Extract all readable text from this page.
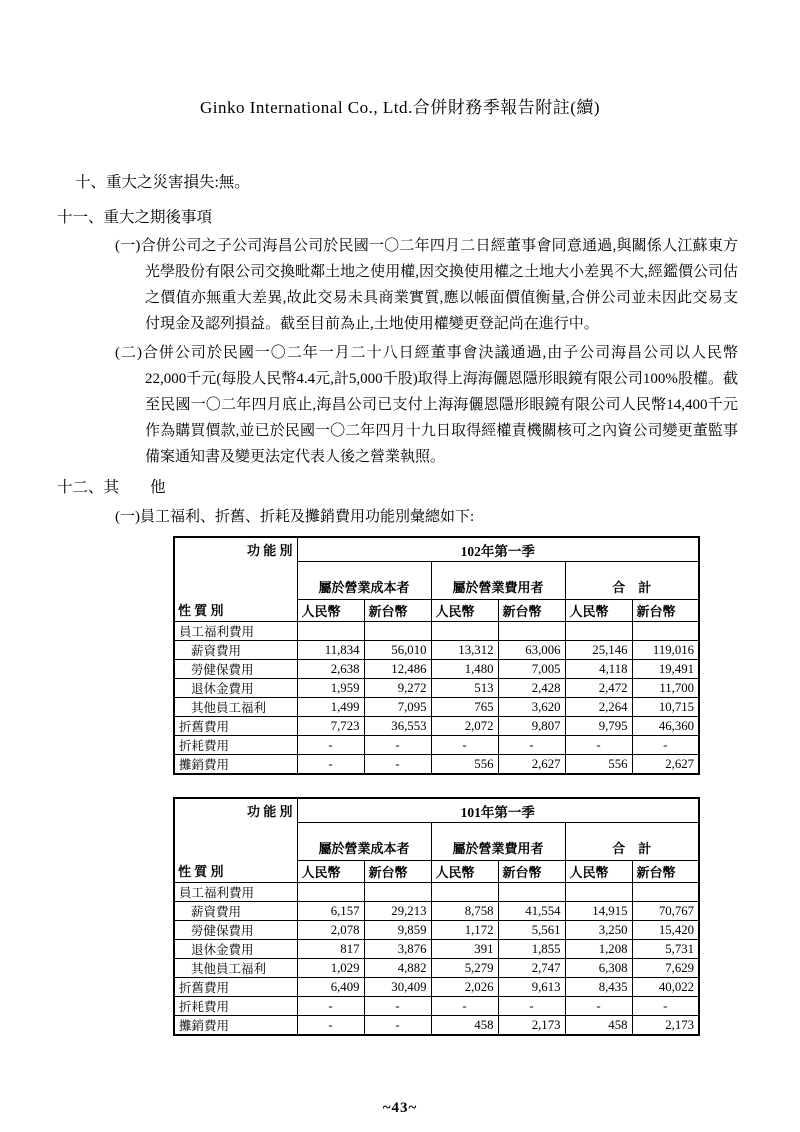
Ginko International Co., Ltd.合併財務季報告附註(續)
十、重大之災害損失:無。
十一、重大之期後事項

(一)合併公司之子公司海昌公司於民國一〇二年四月二日經董事會同意通過,與關係人江蘇東方光學股份有限公司交換毗鄰土地之使用權,因交換使用權之土地大小差異不大,經鑑價公司估之價值亦無重大差異,故此交易未具商業實質,應以帳面價值衡量,合併公司並未因此交易支付現金及認列損益。截至目前為止,土地使用權變更登記尚在進行中。

(二)合併公司於民國一〇二年一月二十八日經董事會決議通過,由子公司海昌公司以人民幣22,000千元(每股人民幣4.4元,計5,000千股)取得上海海儷恩隱形眼鏡有限公司100%股權。截至民國一〇二年四月底止,海昌公司已支付上海海儷恩隱形眼鏡有限公司人民幣14,400千元作為購買價款,並已於民國一〇二年四月十九日取得經權責機關核可之內資公司變更董監事備案通知書及變更法定代表人後之營業執照。

十二、其　　他
(一)員工福利、折舊、折耗及攤銷費用功能別彙總如下:
功 能 別
性 質 別	102年第一季					
	屬於營業成本者		屬於營業費用者		合　計	
	人民幣	新台幣	人民幣	新台幣	人民幣	新台幣
員工福利費用						
薪資費用	11,834	56,010	13,312	63,006	25,146	119,016
勞健保費用	2,638	12,486	1,480	7,005	4,118	19,491
退休金費用	1,959	9,272	513	2,428	2,472	11,700
其他員工福利	1,499	7,095	765	3,620	2,264	10,715
折舊費用	7,723	36,553	2,072	9,807	9,795	46,360
折耗費用	-	-	-	-	-	-
攤銷費用	-	-	556	2,627	556	2,627
功 能 別
性 質 別	101年第一季					
	屬於營業成本者		屬於營業費用者		合　計	
	人民幣	新台幣	人民幣	新台幣	人民幣	新台幣
員工福利費用						
薪資費用	6,157	29,213	8,758	41,554	14,915	70,767
勞健保費用	2,078	9,859	1,172	5,561	3,250	15,420
退休金費用	817	3,876	391	1,855	1,208	5,731
其他員工福利	1,029	4,882	5,279	2,747	6,308	7,629
折舊費用	6,409	30,409	2,026	9,613	8,435	40,022
折耗費用	-	-	-	-	-	-
攤銷費用	-	-	458	2,173	458	2,173
~43~
